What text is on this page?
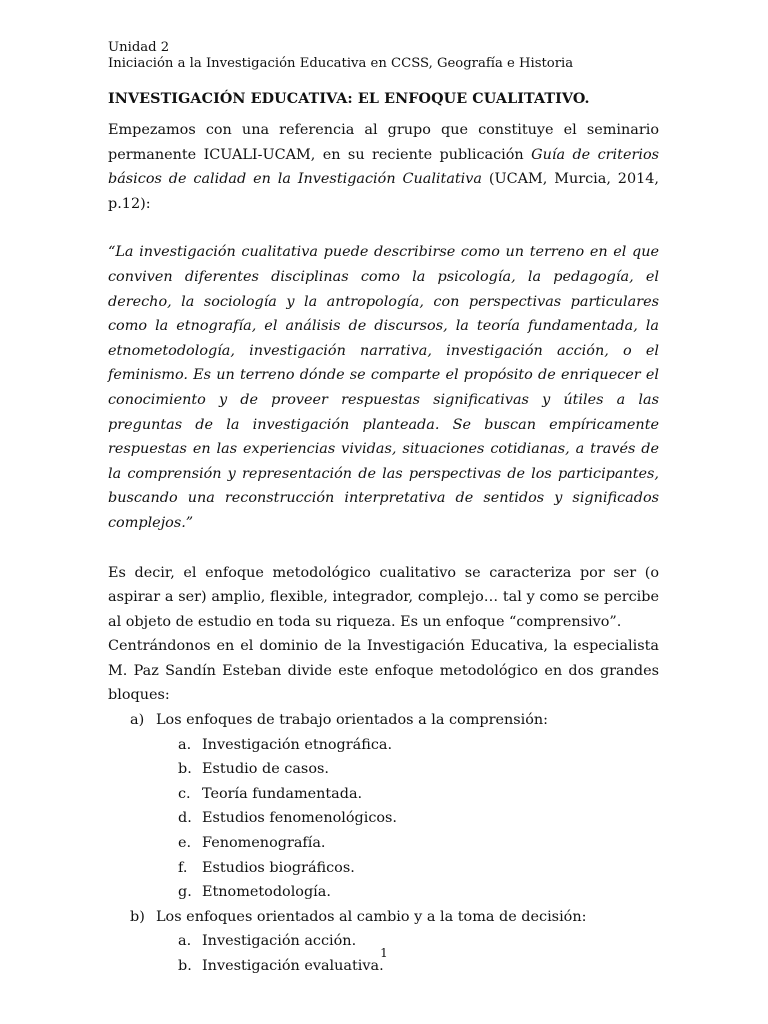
Unidad 2
Iniciación a la Investigación Educativa en CCSS, Geografía e Historia
INVESTIGACIÓN EDUCATIVA: EL ENFOQUE CUALITATIVO.

Empezamos con una referencia al grupo que constituye el seminario permanente ICUALI-UCAM, en su reciente publicación Guía de criterios básicos de calidad en la Investigación Cualitativa (UCAM, Murcia, 2014, p.12):

“La investigación cualitativa puede describirse como un terreno en el que conviven diferentes disciplinas como la psicología, la pedagogía, el derecho, la sociología y la antropología, con perspectivas particulares como la etnografía, el análisis de discursos, la teoría fundamentada, la etnometodología, investigación narrativa, investigación acción, o el feminismo. Es un terreno dónde se comparte el propósito de enriquecer el conocimiento y de proveer respuestas significativas y útiles a las preguntas de la investigación planteada. Se buscan empíricamente respuestas en las experiencias vividas, situaciones cotidianas, a través de la comprensión y representación de las perspectivas de los participantes, buscando una reconstrucción interpretativa de sentidos y significados complejos.”

Es decir, el enfoque metodológico cualitativo se caracteriza por ser (o aspirar a ser) amplio, flexible, integrador, complejo… tal y como se percibe al objeto de estudio en toda su riqueza. Es un enfoque “comprensivo”.

Centrándonos en el dominio de la Investigación Educativa, la especialista M. Paz Sandín Esteban divide este enfoque metodológico en dos grandes bloques:

a) Los enfoques de trabajo orientados a la comprensión:
a. Investigación etnográfica.
b. Estudio de casos.
c. Teoría fundamentada.
d. Estudios fenomenológicos.
e. Fenomenografía.
f. Estudios biográficos.
g. Etnometodología.
b) Los enfoques orientados al cambio y a la toma de decisión:
a. Investigación acción.
b. Investigación evaluativa.
1
